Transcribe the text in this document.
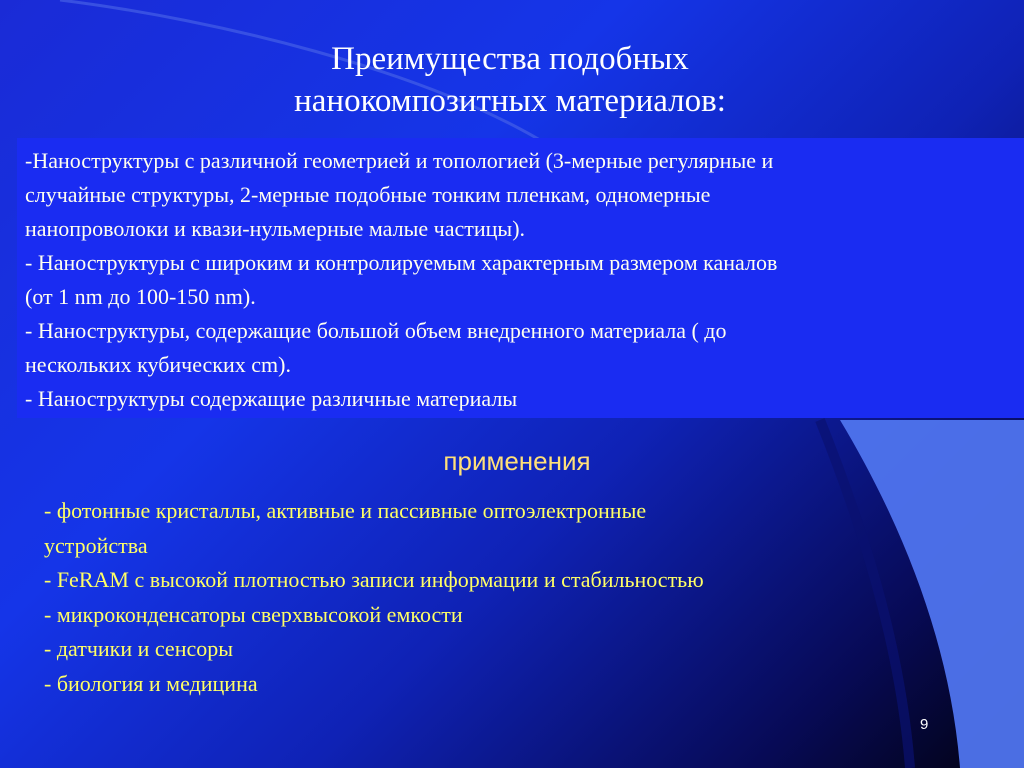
Преимущества подобных
нанокомпозитных материалов:

-Наноструктуры с различной геометрией и топологией (3-мерные регулярные и
случайные структуры, 2-мерные подобные тонким пленкам, одномерные
нанопроволоки и квази-нульмерные малые частицы).
- Наноструктуры с широким и контролируемым характерным размером каналов
(от 1 nm до 100-150 nm).
- Наноструктуры, содержащие большой объем внедренного материала ( до
нескольких кубических cm).
- Наноструктуры содержащие различные материалы

применения
- фотонные кристаллы, активные и пассивные оптоэлектронные
устройства
- FeRAM с высокой плотностью записи информации и стабильностью
- микроконденсаторы сверхвысокой емкости
- датчики и сенсоры
- биология и медицина
9
